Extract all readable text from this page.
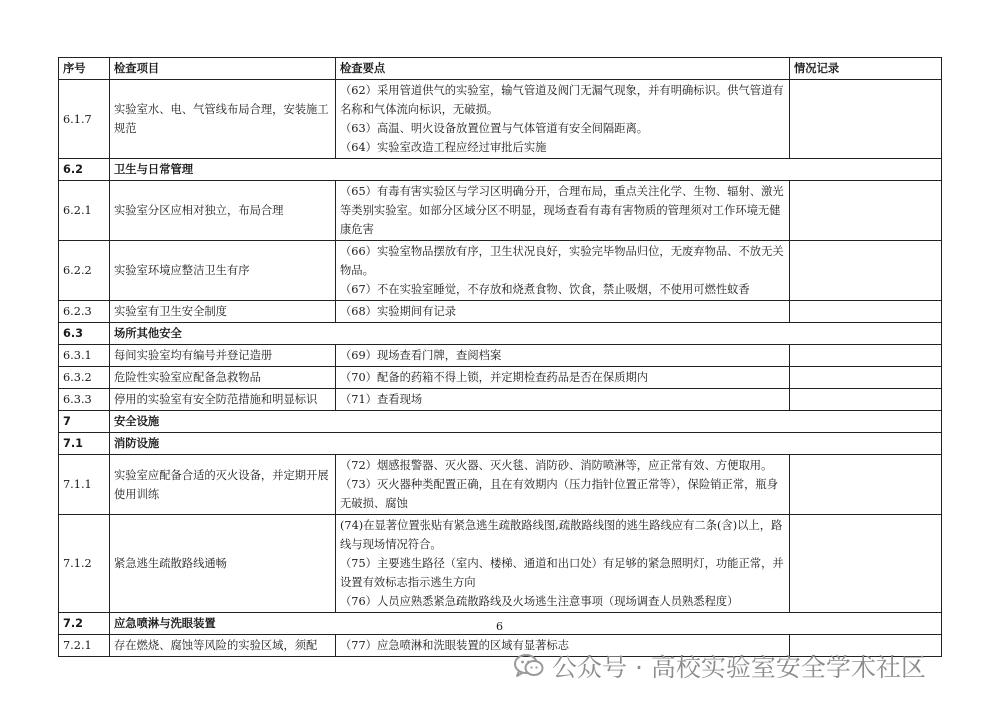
序号	检查项目	检查要点	情况记录
6.1.7	实验室水、电、气管线布局合理，安装施工规范	（62）采用管道供气的实验室，输气管道及阀门无漏气现象，并有明确标识。供气管道有名称和气体流向标识，无破损。
（63）高温、明火设备放置位置与气体管道有安全间隔距离。
（64）实验室改造工程应经过审批后实施	

6.2	卫生与日常管理		
6.2.1	实验室分区应相对独立，布局合理	（65）有毒有害实验区与学习区明确分开，合理布局，重点关注化学、生物、辐射、激光等类别实验室。如部分区域分区不明显，现场查看有毒有害物质的管理须对工作环境无健康危害	

6.2.2	实验室环境应整洁卫生有序	（66）实验室物品摆放有序，卫生状况良好，实验完毕物品归位，无废弃物品、不放无关物品。
（67）不在实验室睡觉，不存放和烧煮食物、饮食，禁止吸烟，不使用可燃性蚊香	

6.2.3	实验室有卫生安全制度	（68）实验期间有记录	

6.3	场所其他安全		
6.3.1	每间实验室均有编号并登记造册	（69）现场查看门牌，查阅档案	

6.3.2	危险性实验室应配备急救物品	（70）配备的药箱不得上锁，并定期检查药品是否在保质期内	

6.3.3	停用的实验室有安全防范措施和明显标识	（71）查看现场	

7	安全设施		
7.1	消防设施		
7.1.1	实验室应配备合适的灭火设备，并定期开展使用训练	（72）烟感报警器、灭火器、灭火毯、消防砂、消防喷淋等，应正常有效、方便取用。
（73）灭火器种类配置正确，且在有效期内（压力指针位置正常等），保险销正常，瓶身无破损、腐蚀	

7.1.2	紧急逃生疏散路线通畅	(74)在显著位置张贴有紧急逃生疏散路线图,疏散路线图的逃生路线应有二条(含)以上，路线与现场情况符合。
（75）主要逃生路径（室内、楼梯、通道和出口处）有足够的紧急照明灯，功能正常，并设置有效标志指示逃生方向
（76）人员应熟悉紧急疏散路线及火场逃生注意事项（现场调查人员熟悉程度）	

7.2	应急喷淋与洗眼装置		
7.2.1	存在燃烧、腐蚀等风险的实验区域，须配	（77）应急喷淋和洗眼装置的区域有显著标志	

6
公众号 · 高校实验室安全学术社区
